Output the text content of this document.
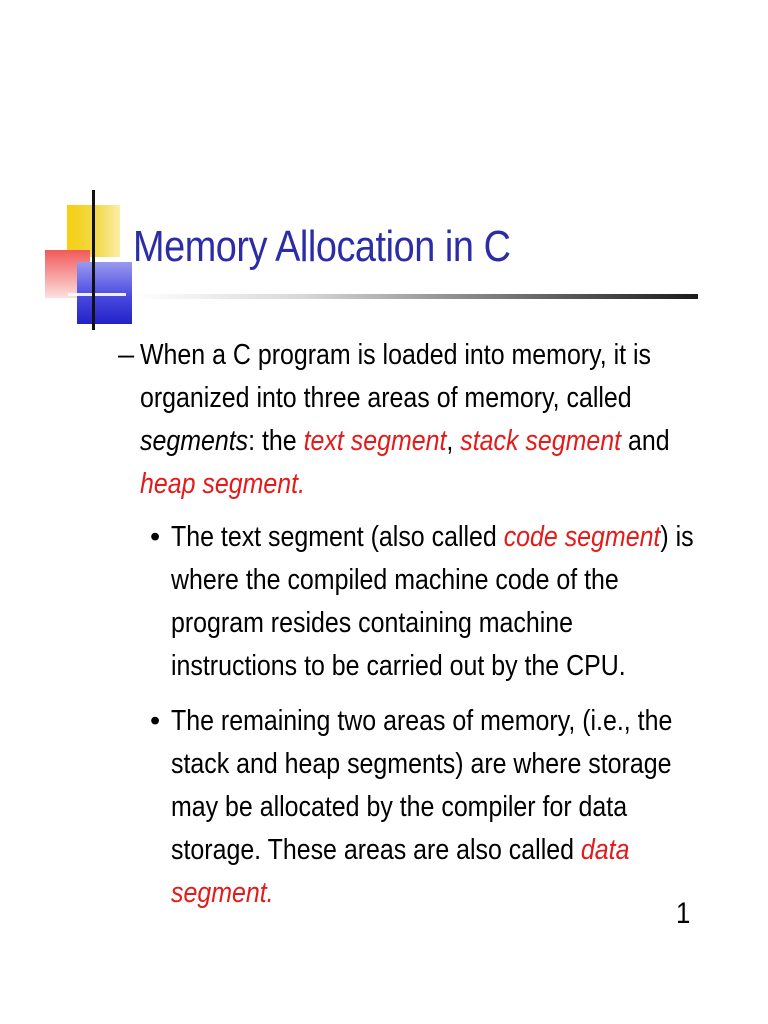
Memory Allocation in C
– When a C program is loaded into memory, it is
organized into three areas of memory, called
segments: the text segment, stack segment and heap segment.
• The text segment (also called code segment) is where the compiled machine code of the program resides containing machine instructions to be carried out by the CPU.
• The remaining two areas of memory, (i.e., the stack and heap segments) are where storage may be allocated by the compiler for data storage. These areas are also called data segment.
1
